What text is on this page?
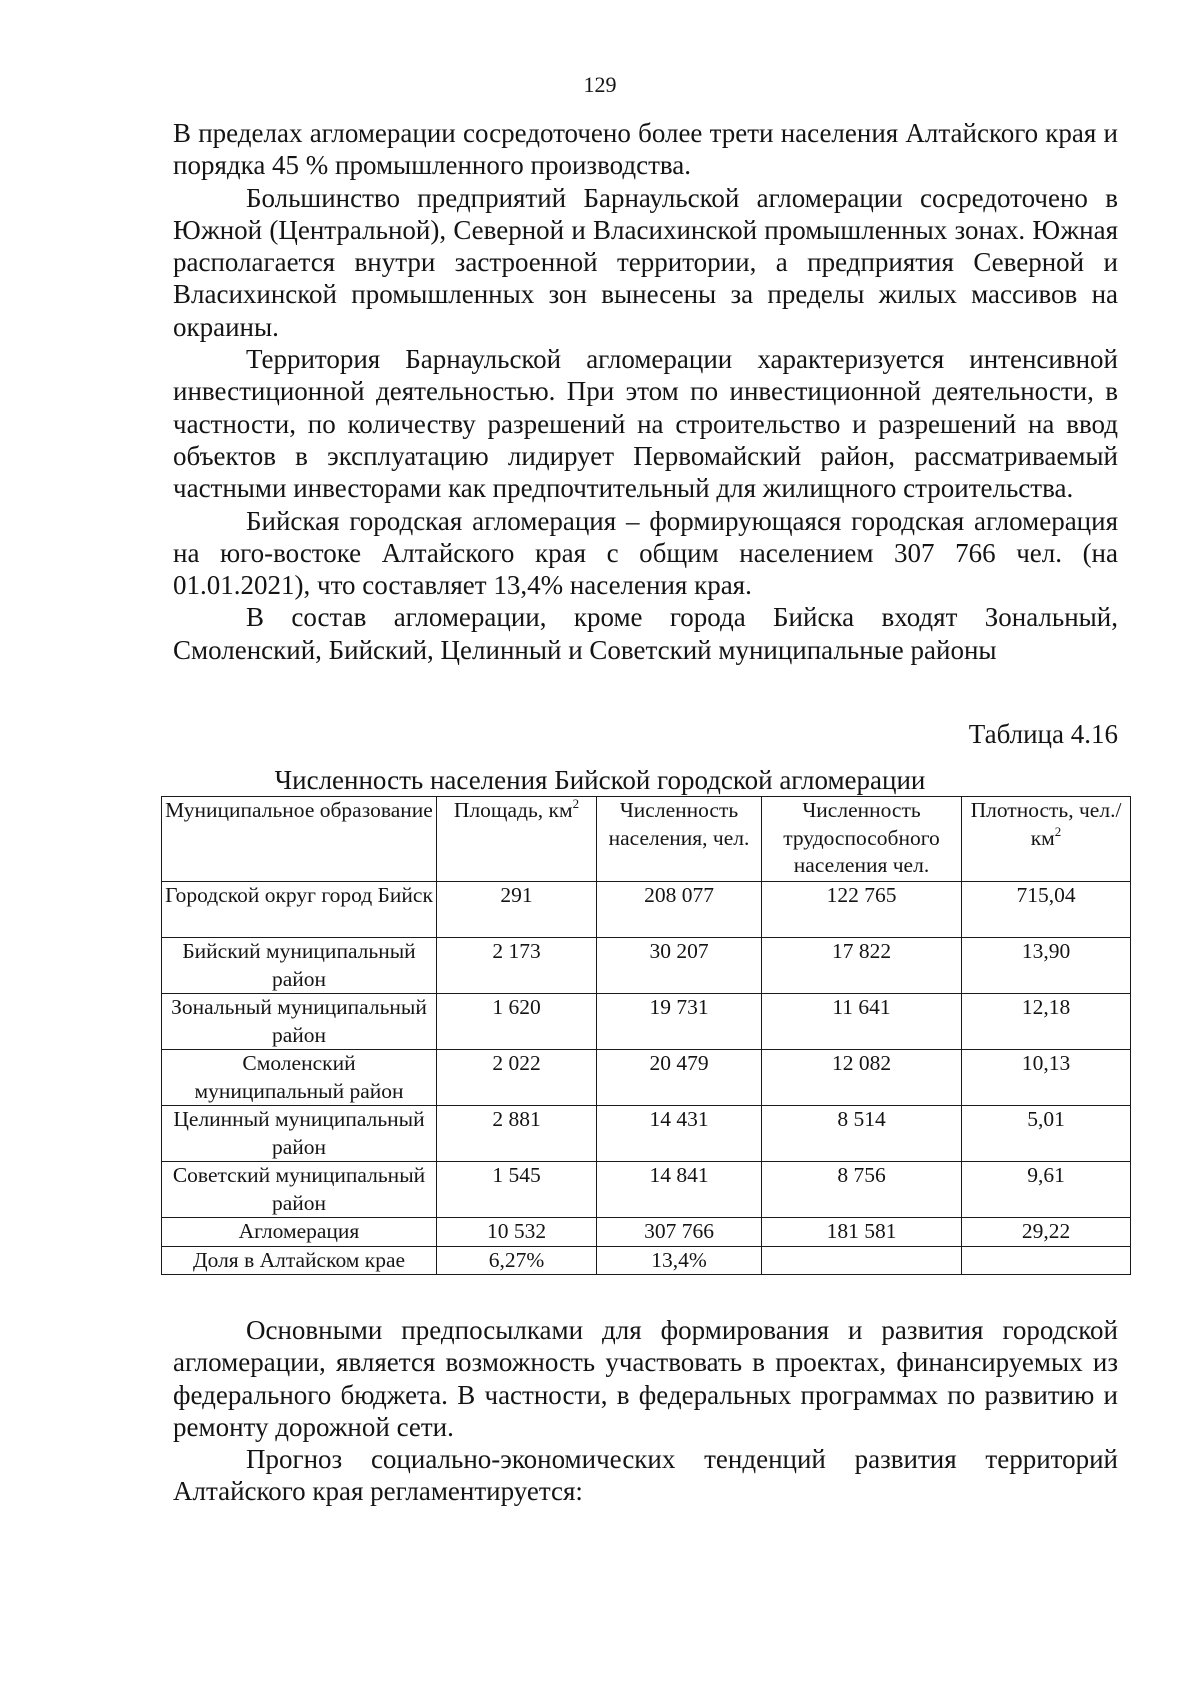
129

В пределах агломерации сосредоточено более трети населения Алтайского края и порядка 45 % промышленного производства.

Большинство предприятий Барнаульской агломерации сосредоточено в Южной (Центральной), Северной и Власихинской промышленных зонах. Южная располагается внутри застроенной территории, а предприятия Северной и Власихинской промышленных зон вынесены за пределы жилых массивов на окраины.

Территория Барнаульской агломерации характеризуется интенсивной инвестиционной деятельностью. При этом по инвестиционной деятельности, в частности, по количеству разрешений на строительство и разрешений на ввод объектов в эксплуатацию лидирует Первомайский район, рассматриваемый частными инвесторами как предпочтительный для жилищного строительства.

Бийская городская агломерация – формирующаяся городская агломерация на юго-востоке Алтайского края с общим населением 307 766 чел. (на 01.01.2021), что составляет 13,4% населения края.

В состав агломерации, кроме города Бийска входят Зональный, Смоленский, Бийский, Целинный и Советский муниципальные районы

Таблица 4.16
Численность населения Бийской городской агломерации
Муниципальное образование	Площадь, $км^2$	Численность населения, чел.	Численность трудоспособного населения чел.	Плотность, $чел./км^2$
Городской округ город Бийск	291	208 077	122 765	715,04
Бийский муниципальный район	2 173	30 207	17 822	13,90
Зональный муниципальный район	1 620	19 731	11 641	12,18
Смоленский муниципальный район	2 022	20 479	12 082	10,13
Целинный муниципальный район	2 881	14 431	8 514	5,01
Советский муниципальный район	1 545	14 841	8 756	9,61
Агломерация	10 532	307 766	181 581	29,22
Доля в Алтайском крае	6,27%	13,4%		

Основными предпосылками для формирования и развития городской агломерации, является возможность участвовать в проектах, финансируемых из федерального бюджета. В частности, в федеральных программах по развитию и ремонту дорожной сети.

Прогноз социально-экономических тенденций развития территорий Алтайского края регламентируется:
